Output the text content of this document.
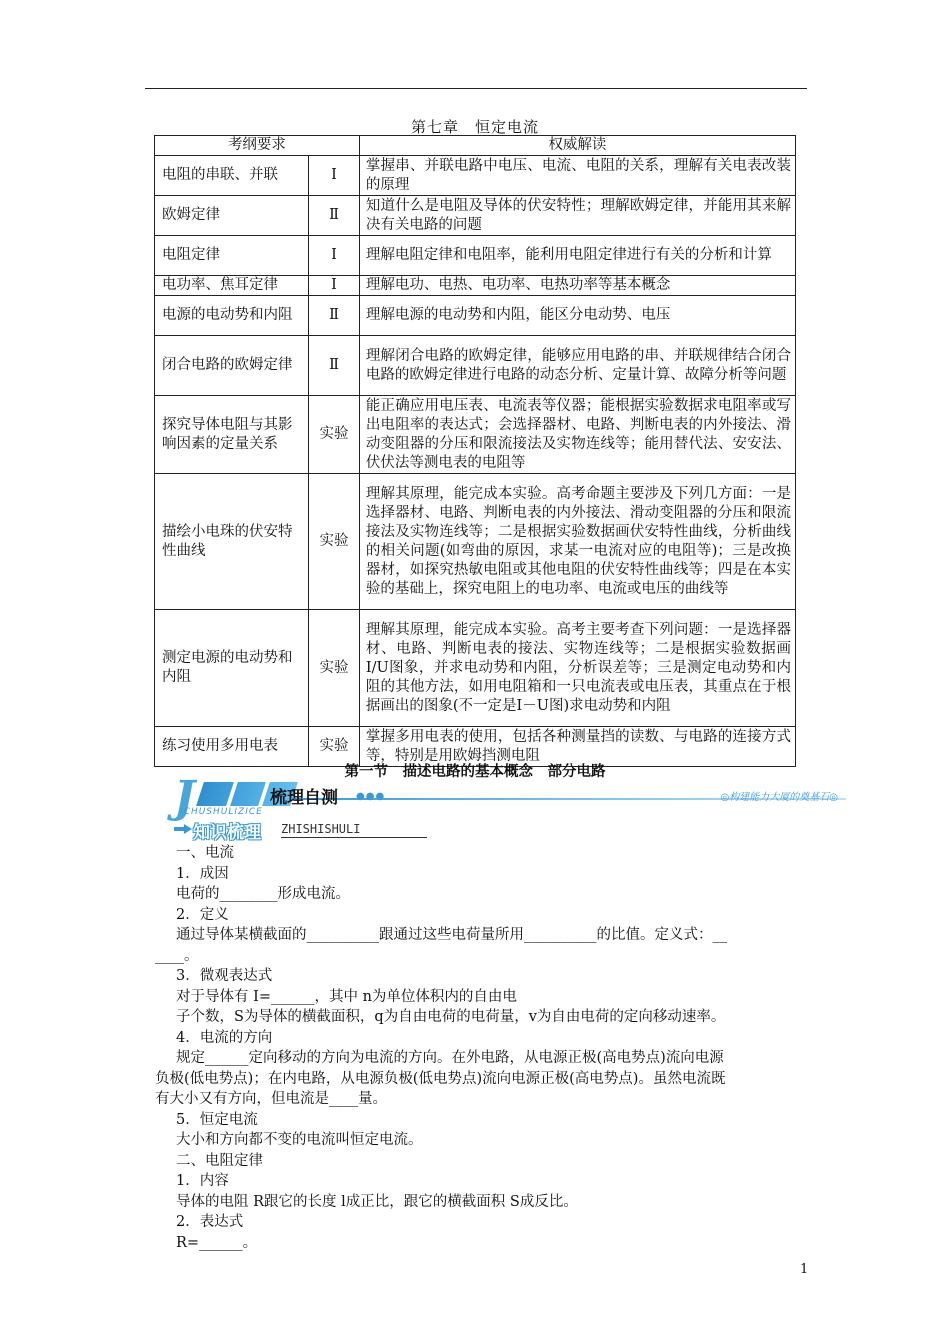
第七章　恒定电流
考纲要求		权威解读
电阻的串联、并联	Ⅰ	掌握串、并联电路中电压、电流、电阻的关系，理解有关电表改装的原理
欧姆定律	Ⅱ	知道什么是电阻及导体的伏安特性；理解欧姆定律，并能用其来解决有关电路的问题
电阻定律	Ⅰ	理解电阻定律和电阻率，能利用电阻定律进行有关的分析和计算
电功率、焦耳定律	Ⅰ	理解电功、电热、电功率、电热功率等基本概念
电源的电动势和内阻	Ⅱ	理解电源的电动势和内阻，能区分电动势、电压
闭合电路的欧姆定律	Ⅱ	理解闭合电路的欧姆定律，能够应用电路的串、并联规律结合闭合电路的欧姆定律进行电路的动态分析、定量计算、故障分析等问题
探究导体电阻与其影响因素的定量关系	实验	能正确应用电压表、电流表等仪器；能根据实验数据求电阻率或写出电阻率的表达式；会选择器材、电路、判断电表的内外接法、滑动变阻器的分压和限流接法及实物连线等；能用替代法、安安法、伏伏法等测电表的电阻等
描绘小电珠的伏安特性曲线	实验	理解其原理，能完成本实验。高考命题主要涉及下列几方面：一是选择器材、电路、判断电表的内外接法、滑动变阻器的分压和限流接法及实物连线等；二是根据实验数据画伏安特性曲线，分析曲线的相关问题(如弯曲的原因，求某一电流对应的电阻等)；三是改换器材，如探究热敏电阻或其他电阻的伏安特性曲线等；四是在本实验的基础上，探究电阻上的电功率、电流或电压的曲线等
测定电源的电动势和内阻	实验	理解其原理，能完成本实验。高考主要考查下列问题：一是选择器材、电路、判断电表的接法、实物连线等；二是根据实验数据画 I/U图象，并求电动势和内阻，分析误差等；三是测定电动势和内阻的其他方法，如用电阻箱和一只电流表或电压表，其重点在于根据画出的图象(不一定是I－U图)求电动势和内阻
练习使用多用电表	实验	掌握多用电表的使用，包括各种测量挡的读数、与电路的连接方式等，特别是用欧姆挡测电阻
第一节　描述电路的基本概念　部分电路
J	梳理自测 ●●●
ICHUSHULIZICE
◎构建能力大厦的奠基石◎
知识梳理 ZHISHISHULI

一、电流

1．成因

电荷的________形成电流。

2．定义

通过导体某横截面的__________跟通过这些电荷量所用__________的比值。定义式：__

____。

3．微观表达式

对于导体有 I=______，其中 n为单位体积内的自由电

子个数，S为导体的横截面积，q为自由电荷的电荷量，v为自由电荷的定向移动速率。

4．电流的方向

规定______定向移动的方向为电流的方向。在外电路，从电源正极(高电势点)流向电源

负极(低电势点)；在内电路，从电源负极(低电势点)流向电源正极(高电势点)。虽然电流既

有大小又有方向，但电流是____量。

5．恒定电流

大小和方向都不变的电流叫恒定电流。

二、电阻定律

1．内容

导体的电阻 R跟它的长度 l成正比，跟它的横截面积 S成反比。

2．表达式

R=______。

1
